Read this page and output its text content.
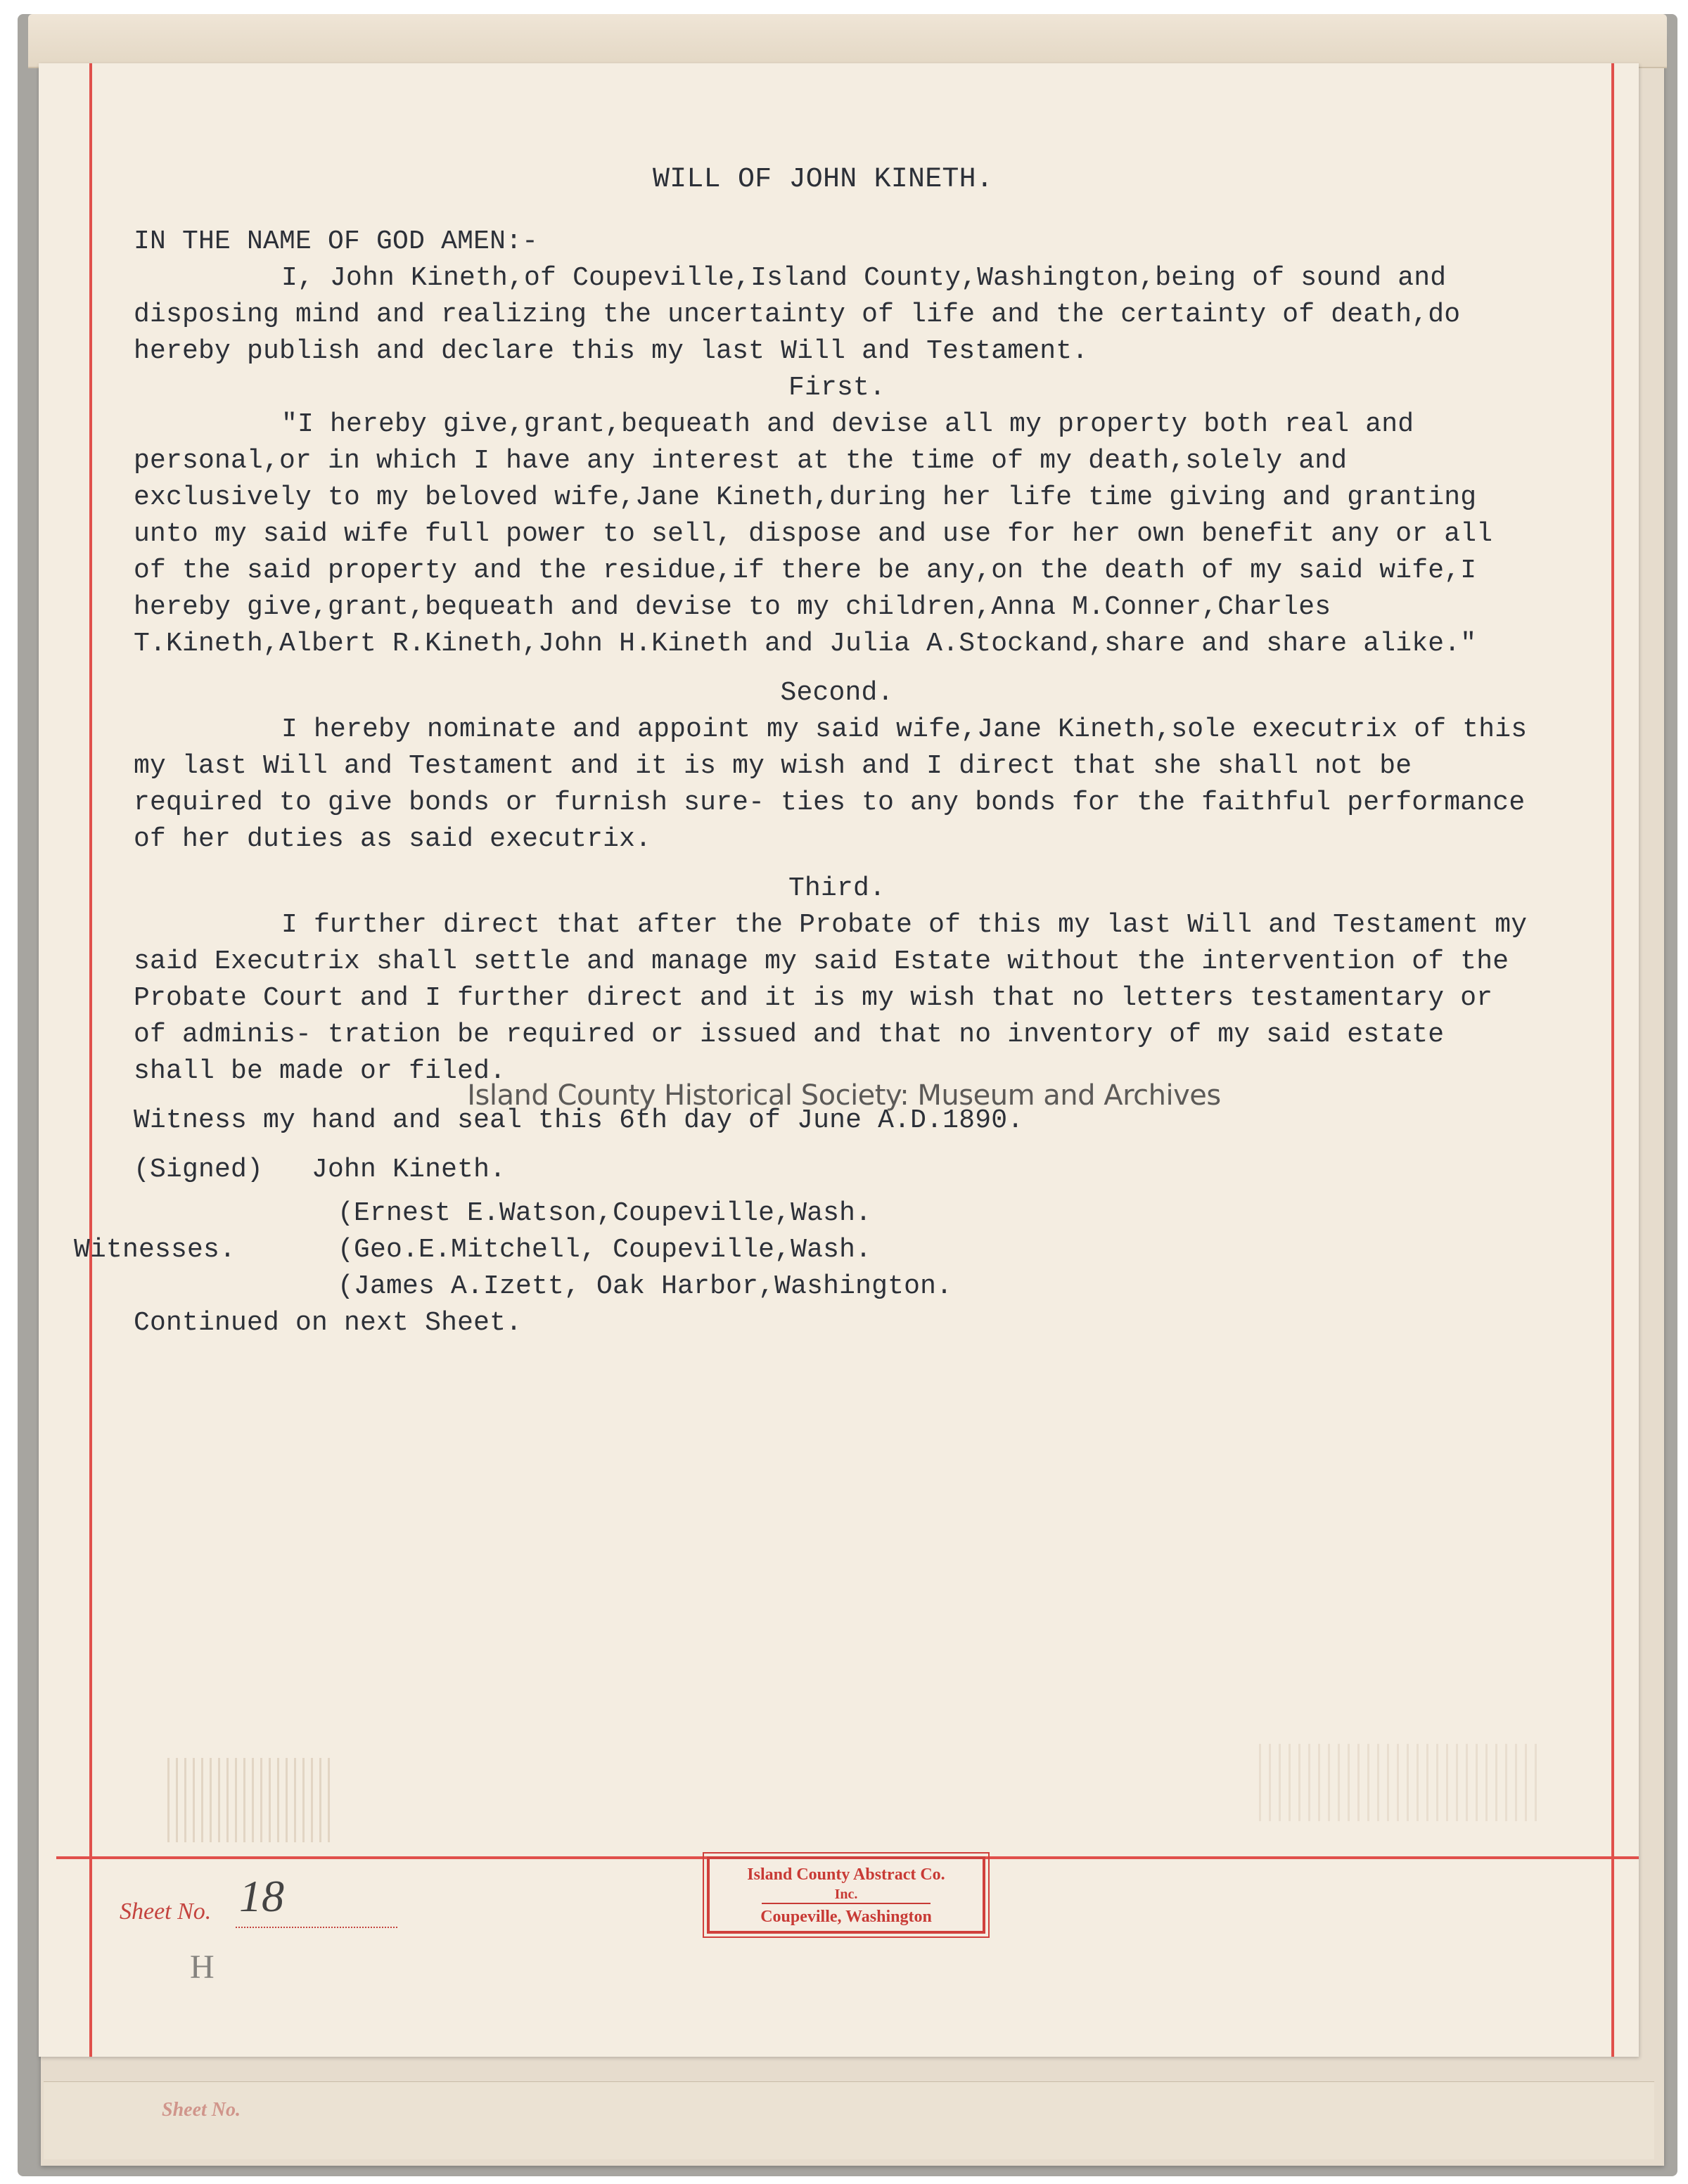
Sheet No.

WILL OF JOHN KINETH.

IN THE NAME OF GOD AMEN:-

I, John Kineth,of Coupeville,Island County,Washington,being of sound and disposing mind and realizing the uncertainty of life and the certainty of death,do hereby publish and declare this my last Will and Testament.

First.

"I hereby give,grant,bequeath and devise all my property both real and personal,or in which I have any interest at the time of my death,solely and exclusively to my beloved wife,Jane Kineth,during her life time giving and granting unto my said wife full power to sell, dispose and use for her own benefit any or all of the said property and the residue,if there be any,on the death of my said wife,I hereby give,grant,bequeath and devise to my children,Anna M.Conner,Charles T.Kineth,Albert R.Kineth,John H.Kineth and Julia A.Stockand,share and share alike."

Second.

I hereby nominate and appoint my said wife,Jane Kineth,sole executrix of this my last Will and Testament and it is my wish and I direct that she shall not be required to give bonds or furnish sure- ties to any bonds for the faithful performance of her duties as said executrix.

Third.

I further direct that after the Probate of this my last Will and Testament my said Executrix shall settle and manage my said Estate without the intervention of the Probate Court and I further direct and it is my wish that no letters testamentary or of adminis- tration be required or issued and that no inventory of my said estate shall be made or filed.

Witness my hand and seal this 6th day of June A.D.1890.

(Signed) John Kineth.

(Ernest E.Watson,Coupeville,Wash.
Witnesses.	(Geo.E.Mitchell, Coupeville,Wash.
(James A.Izett, Oak Harbor,Washington.

Continued on next Sheet.

Island County Historical Society: Museum and Archives
Island County Abstract Co.

Inc.
Coupeville, Washington
Sheet No. 18
H
